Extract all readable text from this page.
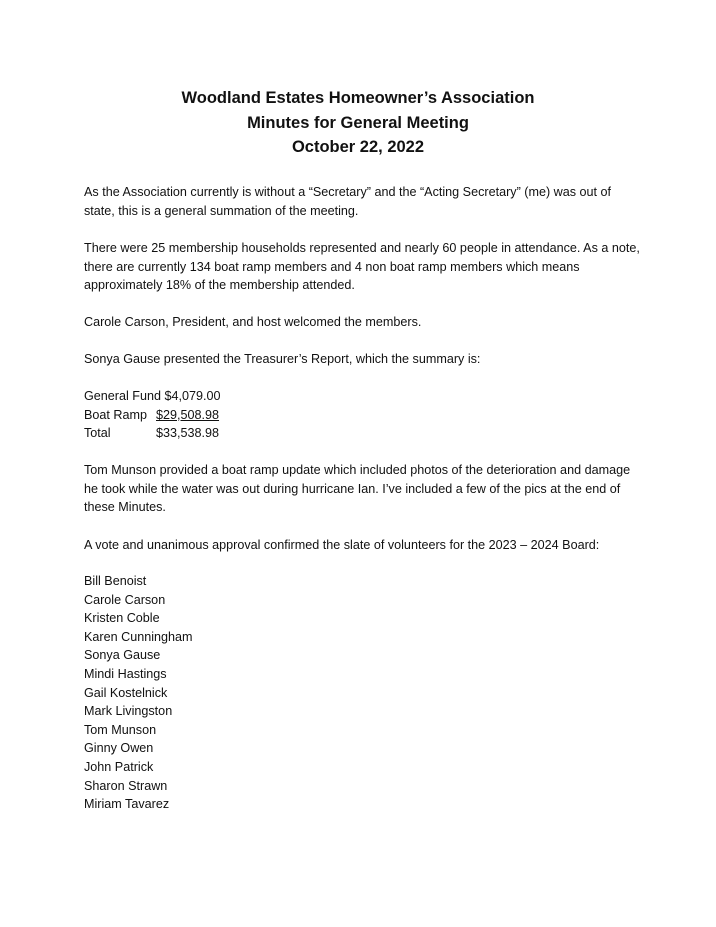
Woodland Estates Homeowner’s Association
Minutes for General Meeting
October 22, 2022

As the Association currently is without a “Secretary” and the “Acting Secretary” (me) was out of state, this is a general summation of the meeting.

There were 25 membership households represented and nearly 60 people in attendance. As a note, there are currently 134 boat ramp members and 4 non boat ramp members which means approximately 18% of the membership attended.

Carole Carson, President, and host welcomed the members.

Sonya Gause presented the Treasurer’s Report, which the summary is:

General Fund $4,079.00	
Boat Ramp	$29,508.98
Total	$33,538.98

Tom Munson provided a boat ramp update which included photos of the deterioration and damage he took while the water was out during hurricane Ian. I’ve included a few of the pics at the end of these Minutes.

A vote and unanimous approval confirmed the slate of volunteers for the 2023 – 2024 Board:

Bill Benoist
Carole Carson
Kristen Coble
Karen Cunningham
Sonya Gause
Mindi Hastings
Gail Kostelnick
Mark Livingston
Tom Munson
Ginny Owen
John Patrick
Sharon Strawn
Miriam Tavarez
